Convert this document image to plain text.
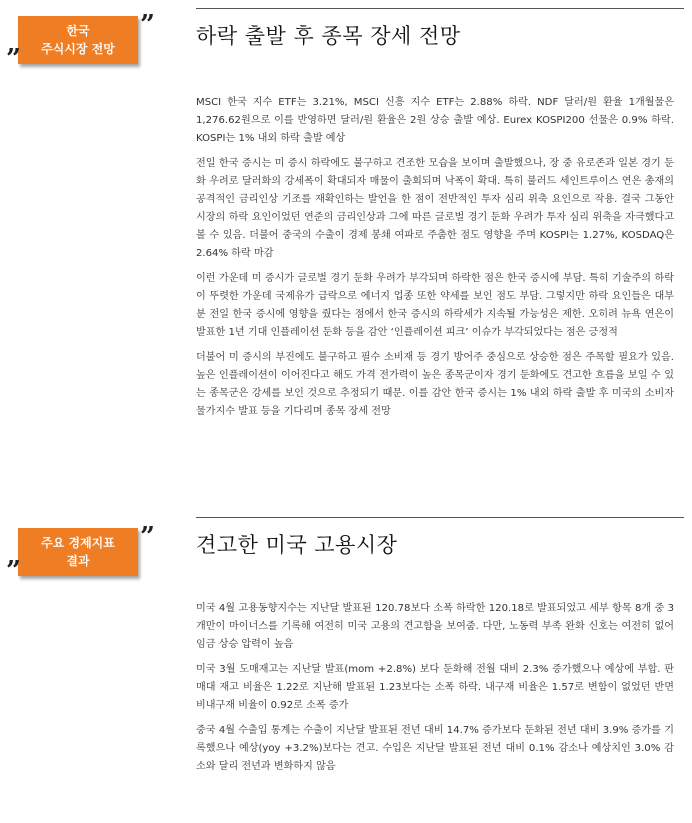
한국
주식시장 전망
”
” 하락 출발 후 종목 장세 전망

MSCI 한국 지수 ETF는 3.21%, MSCI 신흥 지수 ETF는 2.88% 하락. NDF 달러/원 환율 1개월물은 1,276.62원으로 이를 반영하면 달러/원 환율은 2원 상승 출발 예상. Eurex KOSPI200 선물은 0.9% 하락. KOSPI는 1% 내외 하락 출발 예상

전일 한국 증시는 미 증시 하락에도 불구하고 견조한 모습을 보이며 출발했으나, 장 중 유로존과 일본 경기 둔화 우려로 달러화의 강세폭이 확대되자 매물이 출회되며 낙폭이 확대. 특히 불러드 세인트루이스 연은 총재의 공격적인 금리인상 기조를 재확인하는 발언을 한 점이 전반적인 투자 심리 위축 요인으로 작용. 결국 그동안 시장의 하락 요인이었던 연준의 금리인상과 그에 따른 글로벌 경기 둔화 우려가 투자 심리 위축을 자극했다고 볼 수 있음. 더불어 중국의 수출이 경제 봉쇄 여파로 주춤한 점도 영향을 주며 KOSPI는 1.27%, KOSDAQ은 2.64% 하락 마감

이런 가운데 미 증시가 글로벌 경기 둔화 우려가 부각되며 하락한 점은 한국 증시에 부담. 특히 기술주의 하락이 뚜렷한 가운데 국제유가 급락으로 에너지 업종 또한 약세를 보인 점도 부담. 그렇지만 하락 요인들은 대부분 전일 한국 증시에 영향을 줬다는 점에서 한국 증시의 하락세가 지속될 가능성은 제한. 오히려 뉴욕 연은이 발표한 1년 기대 인플레이션 둔화 등을 감안 ‘인플레이션 피크’ 이슈가 부각되었다는 점은 긍정적

더불어 미 증시의 부진에도 불구하고 필수 소비재 등 경기 방어주 중심으로 상승한 점은 주목할 필요가 있음. 높은 인플레이션이 이어진다고 해도 가격 전가력이 높은 종목군이자 경기 둔화에도 견고한 흐름을 보일 수 있는 종목군은 강세를 보인 것으로 추정되기 때문. 이를 감안 한국 증시는 1% 내외 하락 출발 후 미국의 소비자 물가지수 발표 등을 기다리며 종목 장세 전망

주요 경제지표
결과
”
” 견고한 미국 고용시장

미국 4월 고용동향지수는 지난달 발표된 120.78보다 소폭 하락한 120.18로 발표되었고 세부 항목 8개 중 3개만이 마이너스를 기록해 여전히 미국 고용의 견고함을 보여줌. 다만, 노동력 부족 완화 신호는 여전히 없어 임금 상승 압력이 높음

미국 3월 도매재고는 지난달 발표(mom +2.8%) 보다 둔화해 전월 대비 2.3% 증가했으나 예상에 부합. 판매대 재고 비율은 1.22로 지난해 발표된 1.23보다는 소폭 하락. 내구재 비율은 1.57로 변함이 없었던 반면 비내구재 비율이 0.92로 소폭 증가

중국 4월 수출입 통계는 수출이 지난달 발표된 전년 대비 14.7% 증가보다 둔화된 전년 대비 3.9% 증가를 기록했으나 예상(yoy +3.2%)보다는 견고. 수입은 지난달 발표된 전년 대비 0.1% 감소나 예상치인 3.0% 감소와 달리 전년과 변화하지 않음
